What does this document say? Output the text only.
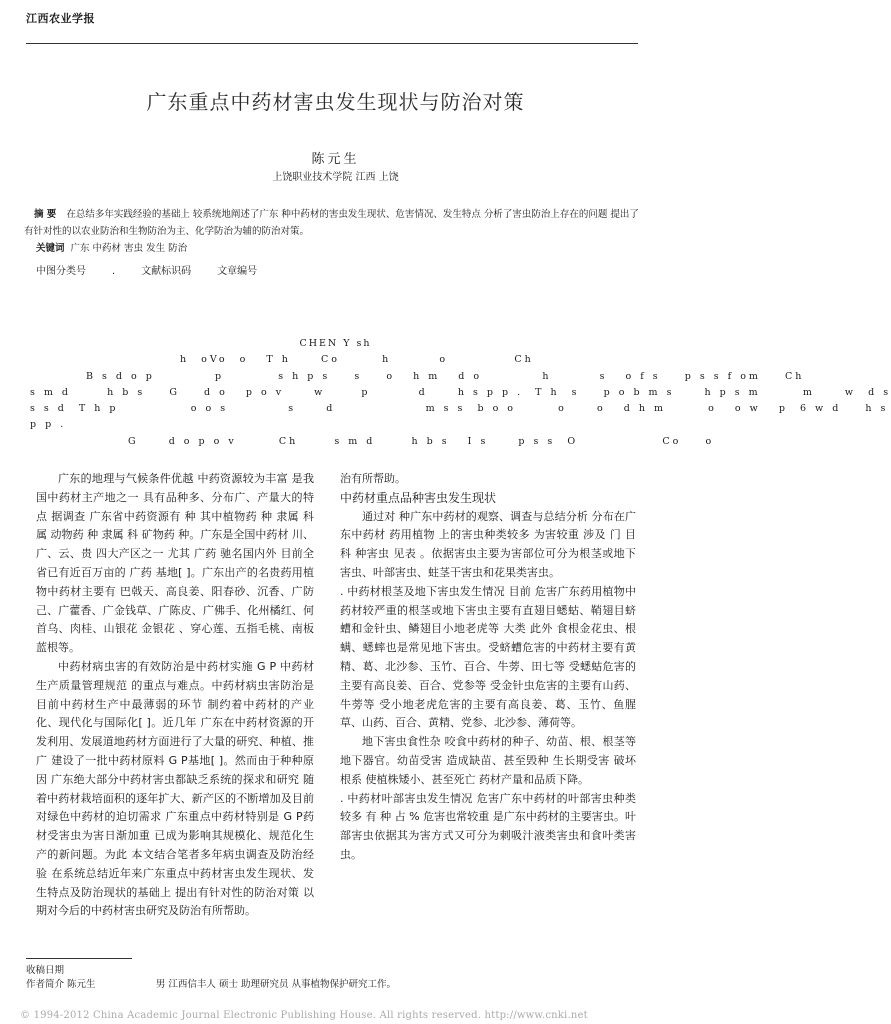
江西农业学报
广东重点中药材害虫发生现状与防治对策
陈元生
上饶职业技术学院 江西 上饶
摘 要 在总结多年实践经验的基础上 较系统地阐述了广东 种中药材的害虫发生现状、危害情况、发生特点 分析了害虫防治上存在的问题 提出了有针对性的以农业防治和生物防治为主、化学防治为辅的防治对策。
关键词 广东 中药材 害虫 发生 防治
中图分类号	.	文献标识码	文章编号
CHEN Y sh
h  oVo  o   T h     Co       h        o           Ch
B s d o p          p         s h p s    s    o   h m   d o          h        s   o f s    p s s f om    Ch
s m d      h b s    G    d o   p o v     w      p        d     h s p p .  T h  s    p o b m s     h p s m       m     w  d s
s s d  T h p            o o s          s     d               m s s  b o o       o     o   d h m       o   o w   p  6 w d    h s
p p .
G     d o p o v       Ch      s m d      h b s   I s     p s s  O              Co    o

广东的地理与气候条件优越 中药资源较为丰富 是我国中药材主产地之一 具有品种多、分布广、产量大的特点 据调查 广东省中药资源有 种 其中植物药 种 隶属 科 属 动物药 种 隶属 科 矿物药 种。广东是全国中药材 川、广、云、贵 四大产区之一 尤其 广药 驰名国内外 目前全省已有近百万亩的 广药 基地[ ]。广东出产的名贵药用植物中药材主要有 巴戟天、高良姜、阳春砂、沉香、广防己、广藿香、广金钱草、广陈皮、广佛手、化州橘红、何首乌、肉桂、山银花 金银花 、穿心莲、五指毛桃、南板蓝根等。

中药材病虫害的有效防治是中药材实施 G P 中药材生产质量管理规范 的重点与难点。中药材病虫害防治是目前中药材生产中最薄弱的环节 制约着中药材的产业化、现代化与国际化[ ]。近几年 广东在中药材资源的开发利用、发展道地药材方面进行了大量的研究、种植、推广 建设了一批中药材原料 G P基地[ ]。然而由于种种原因 广东绝大部分中药材害虫都缺乏系统的探求和研究 随着中药材栽培面积的逐年扩大、新产区的不断增加及目前对绿色中药材的迫切需求 广东重点中药材特别是 G P药材受害虫为害日渐加重 已成为影响其规模化、规范化生产的新问题。为此 本文结合笔者多年病虫调查及防治经验 在系统总结近年来广东重点中药材害虫发生现状、发生特点及防治现状的基础上 提出有针对性的防治对策 以期对今后的中药材害虫研究及防治有所帮助。

治有所帮助。

中药材重点品种害虫发生现状

通过对 种广东中药材的观察、调查与总结分析 分布在广东中药材 药用植物 上的害虫种类较多 为害较重 涉及 门 目 科 种害虫 见表 。依据害虫主要为害部位可分为根茎或地下害虫、叶部害虫、蛀茎干害虫和花果类害虫。

. 中药材根茎及地下害虫发生情况 目前 危害广东药用植物中药材较严重的根茎或地下害虫主要有直翅目蟋蛄、鞘翅目蛴螬和金针虫、鳞翅目小地老虎等 大类 此外 食根金花虫、根螨、蟋蟀也是常见地下害虫。受蛴螬危害的中药材主要有黄精、葛、北沙参、玉竹、百合、牛蒡、田七等 受蟋蛄危害的主要有高良姜、百合、党参等 受金针虫危害的主要有山药、牛蒡等 受小地老虎危害的主要有高良姜、葛、玉竹、鱼腥草、山药、百合、黄精、党参、北沙参、薄荷等。

地下害虫食性杂 咬食中药材的种子、幼苗、根、根茎等地下器官。幼苗受害 造成缺苗、甚至毁种 生长期受害 破坏根系 使植株矮小、甚至死亡 药材产量和品质下降。

. 中药材叶部害虫发生情况 危害广东中药材的叶部害虫种类较多 有 种 占 % 危害也常较重 是广东中药材的主要害虫。叶部害虫依据其为害方式又可分为刺吸汁液类害虫和食叶类害虫。

收稿日期
作者简介 陈元生                    男 江西信丰人 硕士 助理研究员 从事植物保护研究工作。
© 1994-2012 China Academic Journal Electronic Publishing House. All rights reserved. http://www.cnki.net
